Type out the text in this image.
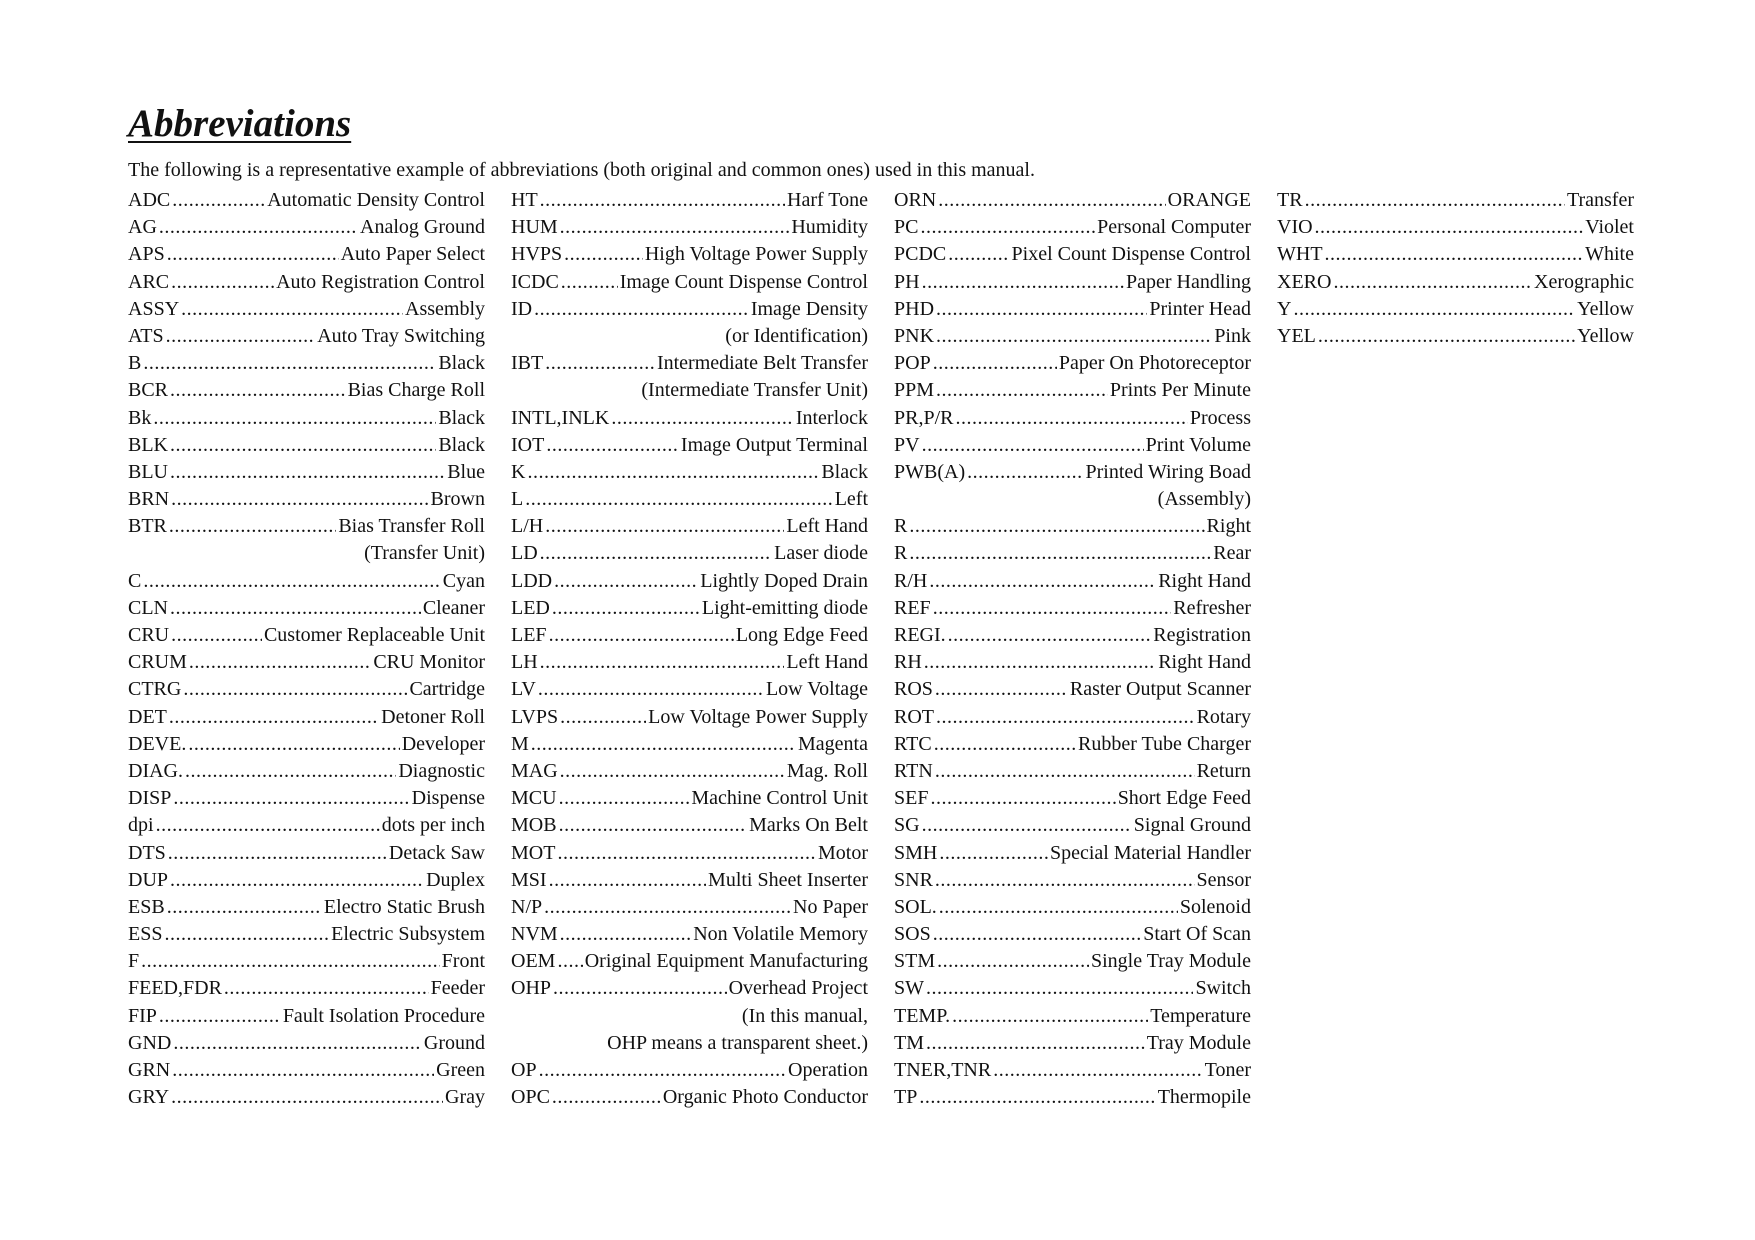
Abbreviations

The following is a representative example of abbreviations (both original and common ones) used in this manual.

ADC .....	Automatic Density Control
AG .....	Analog Ground
APS .....	Auto Paper Select
ARC .....	Auto Registration Control
ASSY .....	Assembly
ATS .....	Auto Tray Switching
B .....	Black
BCR .....	Bias Charge Roll
Bk .....	Black
BLK .....	Black
BLU .....	Blue
BRN .....	Brown
BTR .....	Bias Transfer Roll
(Transfer Unit)
C .....	Cyan
CLN .....	Cleaner
CRU .....	Customer Replaceable Unit
CRUM .....	CRU Monitor
CTRG .....	Cartridge
DET .....	Detoner Roll
DEVE. .....	Developer
DIAG. .....	Diagnostic
DISP .....	Dispense
dpi .....	dots per inch
DTS .....	Detack Saw
DUP .....	Duplex
ESB .....	Electro Static Brush
ESS .....	Electric Subsystem
F .....	Front
FEED,FDR .....	Feeder
FIP .....	Fault Isolation Procedure
GND .....	Ground
GRN .....	Green
GRY .....	Gray
HT .....	Harf Tone
HUM .....	Humidity
HVPS .....	High Voltage Power Supply
ICDC .....	Image Count Dispense Control
ID .....	Image Density
(or Identification)
IBT .....	Intermediate Belt Transfer
(Intermediate Transfer Unit)
INTL,INLK .....	Interlock
IOT .....	Image Output Terminal
K .....	Black
L .....	Left
L/H .....	Left Hand
LD .....	Laser diode
LDD .....	Lightly Doped Drain
LED .....	Light-emitting diode
LEF .....	Long Edge Feed
LH .....	Left Hand
LV .....	Low Voltage
LVPS .....	Low Voltage Power Supply
M .....	Magenta
MAG .....	Mag. Roll
MCU .....	Machine Control Unit
MOB .....	Marks On Belt
MOT .....	Motor
MSI .....	Multi Sheet Inserter
N/P .....	No Paper
NVM .....	Non Volatile Memory
OEM ..... Original Equipment Manufacturing
OHP .....	Overhead Project
(In this manual,
OHP means a transparent sheet.)
OP .....	Operation
OPC .....	Organic Photo Conductor
ORN .....	ORANGE
PC .....	Personal Computer
PCDC .....	Pixel Count Dispense Control
PH .....	Paper Handling
PHD .....	Printer Head
PNK .....	Pink
POP .....	Paper On Photoreceptor
PPM .....	Prints Per Minute
PR,P/R .....	Process
PV .....	Print Volume
PWB(A) .....	Printed Wiring Boad
(Assembly)
R .....	Right
R .....	Rear
R/H .....	Right Hand
REF .....	Refresher
REGI. .....	Registration
RH .....	Right Hand
ROS .....	Raster Output Scanner
ROT .....	Rotary
RTC .....	Rubber Tube Charger
RTN .....	Return
SEF .....	Short Edge Feed
SG .....	Signal Ground
SMH .....	Special Material Handler
SNR .....	Sensor
SOL. .....	Solenoid
SOS .....	Start Of Scan
STM .....	Single Tray Module
SW .....	Switch
TEMP. .....	Temperature
TM .....	Tray Module
TNER,TNR .....	Toner
TP .....	Thermopile
TR .....	Transfer
VIO .....	Violet
WHT .....	White
XERO .....	Xerographic
Y .....	Yellow
YEL .....	Yellow
